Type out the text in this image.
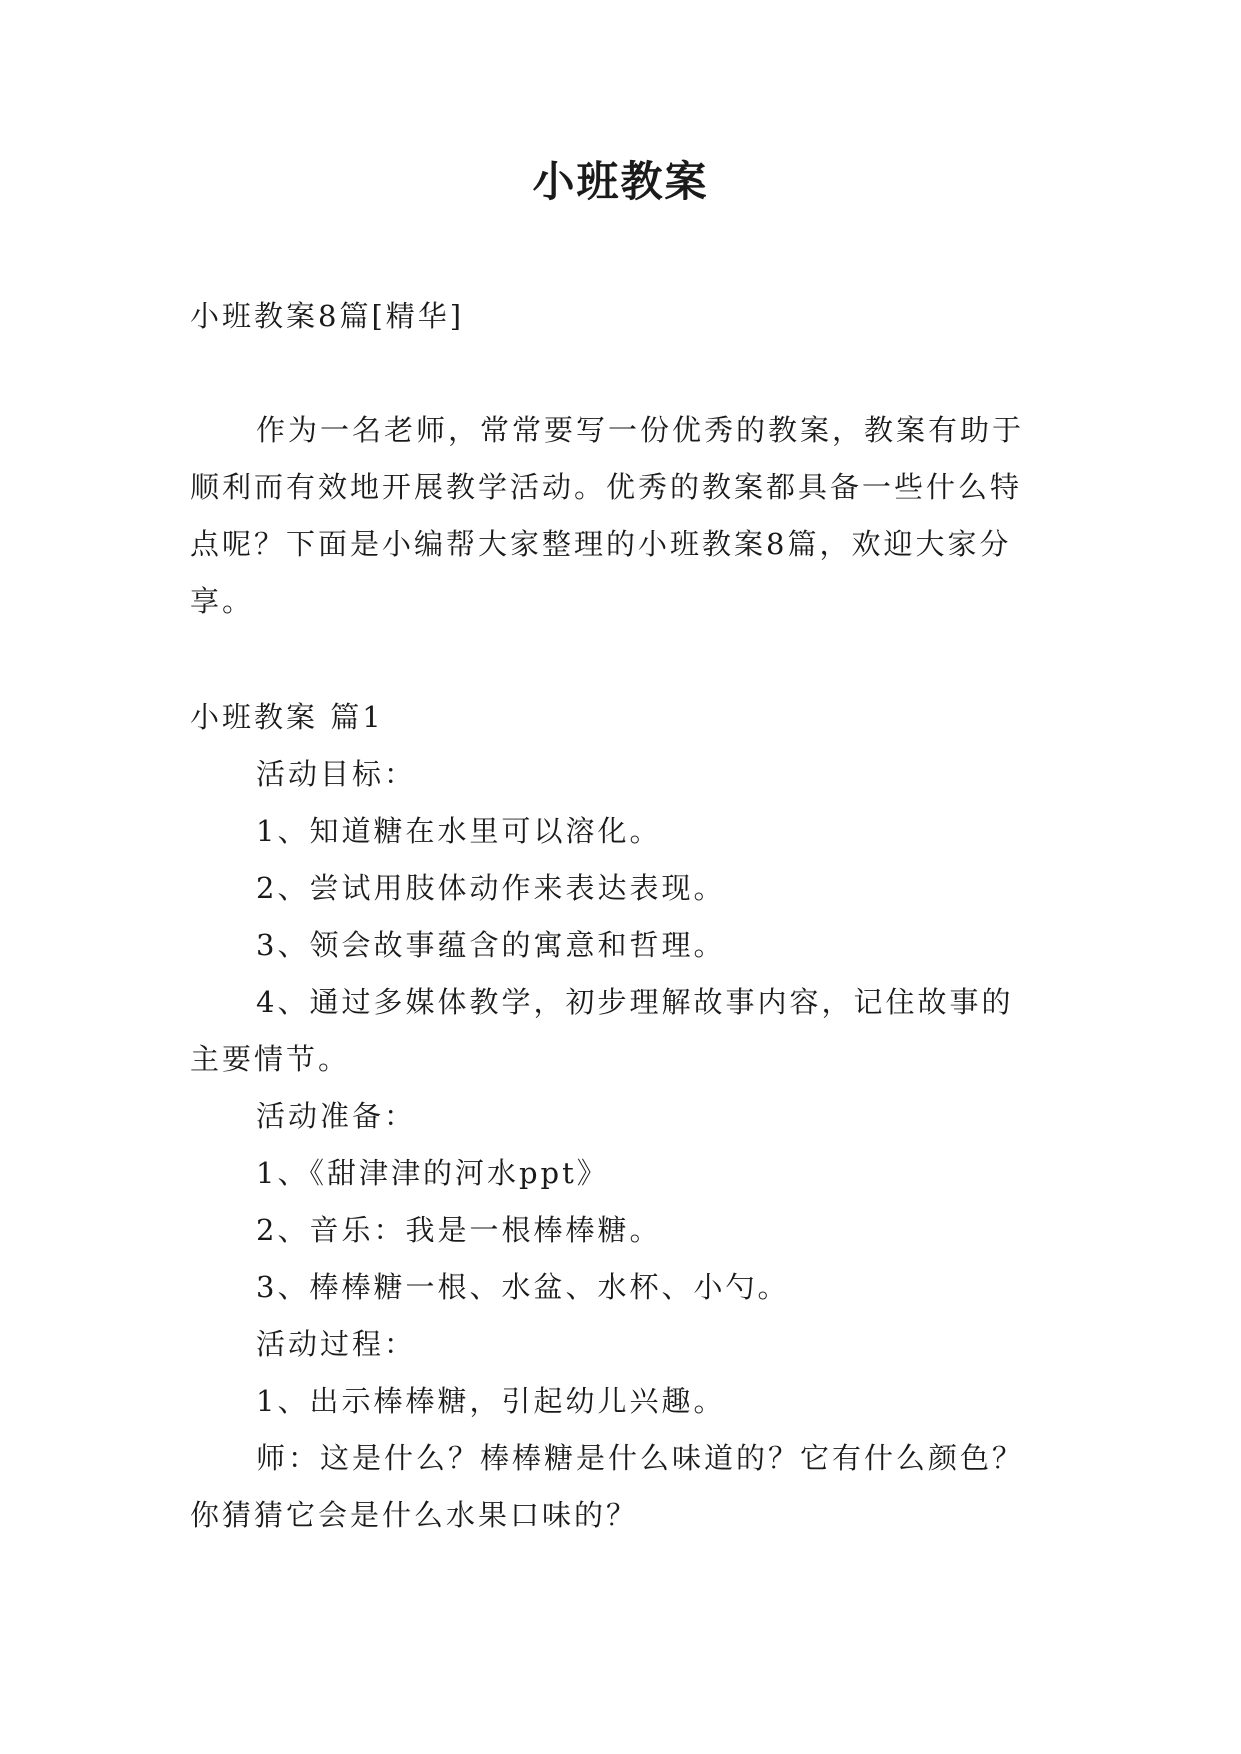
小班教案
小班教案8篇[精华]
作为一名老师，常常要写一份优秀的教案，教案有助于
顺利而有效地开展教学活动。优秀的教案都具备一些什么特
点呢？下面是小编帮大家整理的小班教案8篇，欢迎大家分
享。
小班教案 篇1
活动目标：
1、知道糖在水里可以溶化。
2、尝试用肢体动作来表达表现。
3、领会故事蕴含的寓意和哲理。
4、通过多媒体教学，初步理解故事内容，记住故事的
主要情节。
活动准备：
1、《甜津津的河水ppt》
2、音乐：我是一根棒棒糖。
3、棒棒糖一根、水盆、水杯、小勺。
活动过程：
1、出示棒棒糖，引起幼儿兴趣。
师：这是什么？棒棒糖是什么味道的？它有什么颜色？
你猜猜它会是什么水果口味的？
